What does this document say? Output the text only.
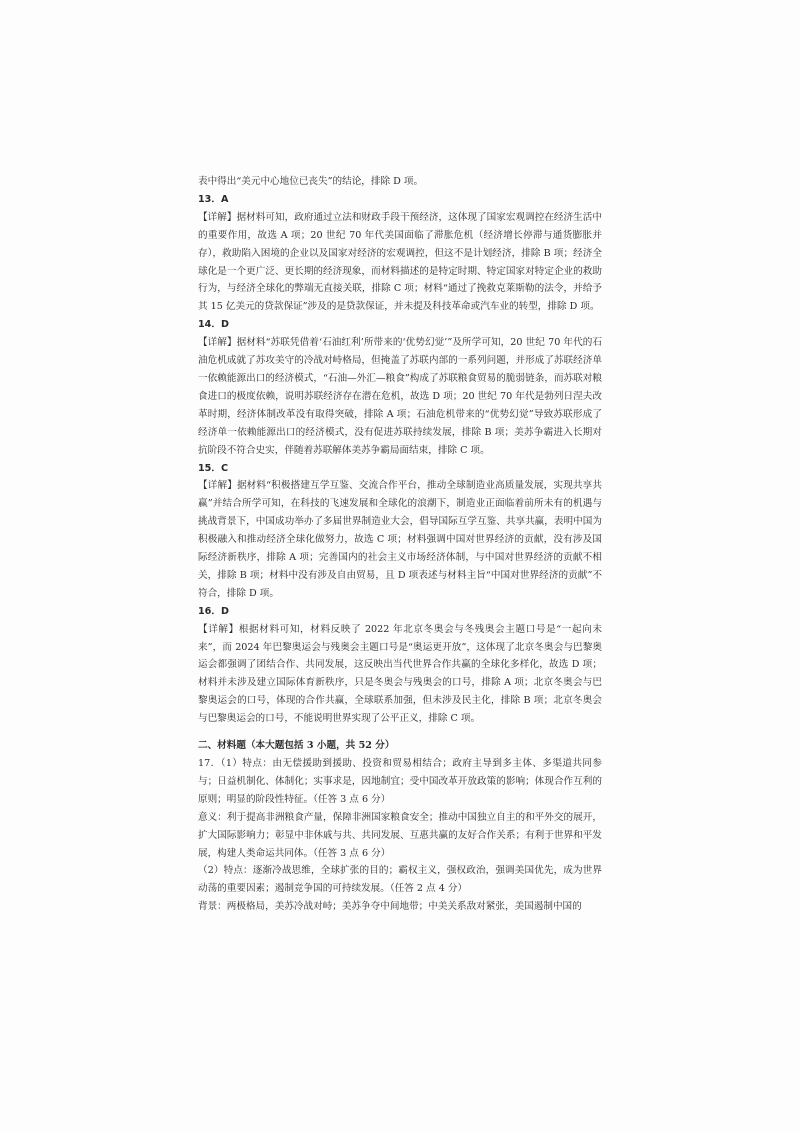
表中得出“美元中心地位已丧失”的结论，排除 D 项。

13．A

【详解】据材料可知，政府通过立法和财政手段干预经济，这体现了国家宏观调控在经济生活中的重要作用，故选 A 项；20 世纪 70 年代美国面临了滞胀危机（经济增长停滞与通货膨胀并存），救助陷入困境的企业以及国家对经济的宏观调控，但这不是计划经济，排除 B 项；经济全球化是一个更广泛、更长期的经济现象，而材料描述的是特定时期、特定国家对特定企业的救助行为，与经济全球化的弊端无直接关联，排除 C 项；材料“通过了挽救克莱斯勒的法令，并给予其 15 亿美元的贷款保证”涉及的是贷款保证，并未提及科技革命或汽车业的转型，排除 D 项。

14．D

【详解】据材料“苏联凭借着‘石油红利’所带来的‘优势幻觉’”及所学可知，20 世纪 70 年代的石油危机成就了苏攻美守的冷战对峙格局，但掩盖了苏联内部的一系列问题，并形成了苏联经济单一依赖能源出口的经济模式，“石油—外汇—粮食”构成了苏联粮食贸易的脆弱链条，而苏联对粮食进口的极度依赖，说明苏联经济存在潜在危机，故选 D 项；20 世纪 70 年代是勃列日涅夫改革时期，经济体制改革没有取得突破，排除 A 项；石油危机带来的“优势幻觉”导致苏联形成了经济单一依赖能源出口的经济模式，没有促进苏联持续发展，排除 B 项；美苏争霸进入长期对抗阶段不符合史实，伴随着苏联解体美苏争霸局面结束，排除 C 项。

15．C

【详解】据材料“积极搭建互学互鉴、交流合作平台，推动全球制造业高质量发展，实现共享共赢”并结合所学可知，在科技的飞速发展和全球化的浪潮下，制造业正面临着前所未有的机遇与挑战背景下，中国成功举办了多届世界制造业大会，倡导国际互学互鉴、共享共赢，表明中国为积极融入和推动经济全球化做努力，故选 C 项；材料强调中国对世界经济的贡献，没有涉及国际经济新秩序，排除 A 项；完善国内的社会主义市场经济体制，与中国对世界经济的贡献不相关，排除 B 项；材料中没有涉及自由贸易，且 D 项表述与材料主旨“中国对世界经济的贡献”不符合，排除 D 项。

16．D

【详解】根据材料可知，材料反映了 2022 年北京冬奥会与冬残奥会主题口号是“一起向未来”，而 2024 年巴黎奥运会与残奥会主题口号是“奥运更开放”，这体现了北京冬奥会与巴黎奥运会都强调了团结合作、共同发展，这反映出当代世界合作共赢的全球化多样化，故选 D 项；材料并未涉及建立国际体育新秩序，只是冬奥会与残奥会的口号，排除 A 项；北京冬奥会与巴黎奥运会的口号，体现的合作共赢，全球联系加强，但未涉及民主化，排除 B 项；北京冬奥会与巴黎奥运会的口号，不能说明世界实现了公平正义，排除 C 项。

二、材料题（本大题包括 3 小题，共 52 分）

17．（1）特点：由无偿援助到援助、投资和贸易相结合；政府主导到多主体、多渠道共同参与；日益机制化、体制化；实事求是，因地制宜；受中国改革开放政策的影响；体现合作互利的原则；明显的阶段性特征。（任答 3 点 6 分）

意义：利于提高非洲粮食产量，保障非洲国家粮食安全；推动中国独立自主的和平外交的展开，扩大国际影响力；彰显中非休戚与共、共同发展、互惠共赢的友好合作关系；有利于世界和平发展，构建人类命运共同体。（任答 3 点 6 分）

（2）特点：逐渐冷战思维，全球扩张的目的；霸权主义，强权政治，强调美国优先，成为世界动荡的重要因素；遏制竞争国的可持续发展。（任答 2 点 4 分）

背景：两极格局，美苏冷战对峙；美苏争夺中间地带；中美关系敌对紧张，美国遏制中国的
